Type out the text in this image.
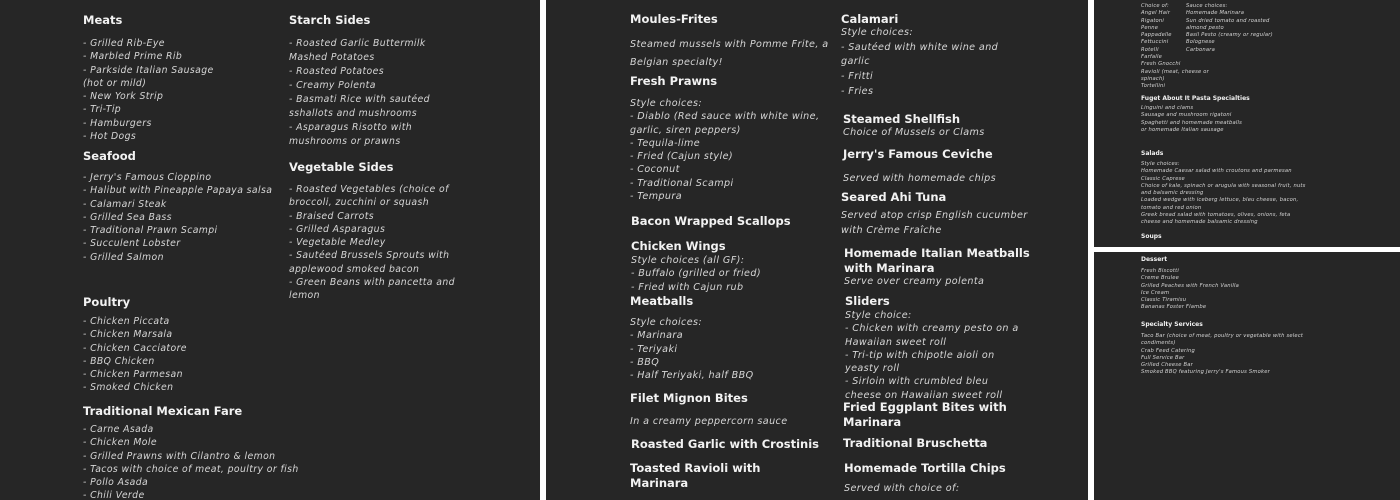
Meats
- Grilled Rib-Eye
- Marbled Prime Rib
- Parkside Italian Sausage
(hot or mild)
- New York Strip
- Tri-Tip
- Hamburgers
- Hot Dogs
Seafood
- Jerry's Famous Cioppino
- Halibut with Pineapple Papaya salsa
- Calamari Steak
- Grilled Sea Bass
- Traditional Prawn Scampi
- Succulent Lobster
- Grilled Salmon
Poultry
- Chicken Piccata
- Chicken Marsala
- Chicken Cacciatore
- BBQ Chicken
- Chicken Parmesan
- Smoked Chicken
Traditional Mexican Fare
- Carne Asada
- Chicken Mole
- Grilled Prawns with Cilantro & lemon
- Tacos with choice of meat, poultry or fish
- Pollo Asada
- Chili Verde
Starch Sides
- Roasted Garlic Buttermilk
Mashed Potatoes
- Roasted Potatoes
- Creamy Polenta
- Basmati Rice with sautéed
sshallots and mushrooms
- Asparagus Risotto with
mushrooms or prawns
Vegetable Sides
- Roasted Vegetables (choice of
broccoli, zucchini or squash
- Braised Carrots
- Grilled Asparagus
- Vegetable Medley
- Sautéed Brussels Sprouts with
applewood smoked bacon
- Green Beans with pancetta and
lemon
Moules-Frites
Steamed mussels with Pomme Frite, a
Belgian specialty!
Fresh Prawns
Style choices:
- Diablo (Red sauce with white wine,
garlic, siren peppers)
- Tequila-lime
- Fried (Cajun style)
- Coconut
- Traditional Scampi
- Tempura
Bacon Wrapped Scallops
Chicken Wings
Style choices (all GF):
- Buffalo (grilled or fried)
- Fried with Cajun rub
Meatballs
Style choices:
- Marinara
- Teriyaki
- BBQ
- Half Teriyaki, half BBQ
Filet Mignon Bites
In a creamy peppercorn sauce
Roasted Garlic with Crostinis
Toasted Ravioli with
Marinara
Calamari
Style choices:
- Sautéed with white wine and
garlic
- Fritti
- Fries
Steamed Shellfish
Choice of Mussels or Clams
Jerry's Famous Ceviche
Served with homemade chips
Seared Ahi Tuna
Served atop crisp English cucumber
with Crème Fraîche
Homemade Italian Meatballs
with Marinara
Serve over creamy polenta
Sliders
Style choice:
- Chicken with creamy pesto on a
Hawaiian sweet roll
- Tri-tip with chipotle aioli on
yeasty roll
- Sirloin with crumbled bleu
cheese on Hawaiian sweet roll
Fried Eggplant Bites with
Marinara
Traditional Bruschetta
Homemade Tortilla Chips
Served with choice of:
Choice of:
Angel Hair
Rigatoni
Penne
Pappadelle
Fettuccini
Rotelli
Farfalle
Fresh Gnocchi
Ravioli (meat, cheese or
spinach)
Tortellini
Sauce choices:
Homemade Marinara
Sun dried tomato and roasted
almond pesto
Basil Pesto (creamy or regular)
Bolognese
Carbonara
Fuget About It Pasta Specialties
Linguini and clams
Sausage and mushroom rigatoni
Spaghetti and homemade meatballs
or homemade Italian sausage
Salads
Style choices:
Homemade Caesar salad with croutons and parmesan
Classic Caprese
Choice of kale, spinach or arugula with seasonal fruit, nuts
and balsamic dressing
Loaded wedge with iceberg lettuce, bleu cheese, bacon,
tomato and red onion
Greek bread salad with tomatoes, olives, onions, feta
cheese and homemade balsamic dressing
Soups
Dessert
Fresh Biscotti
Creme Brulee
Grilled Peaches with French Vanilla
Ice Cream
Classic Tiramisu
Bananas Foster Flambe
Specialty Services
Taco Bar (choice of meat, poultry or vegetable with select
condiments)
Crab Feed Catering
Full Service Bar
Grilled Cheese Bar
Smoked BBQ featuring Jerry's Famous Smoker
